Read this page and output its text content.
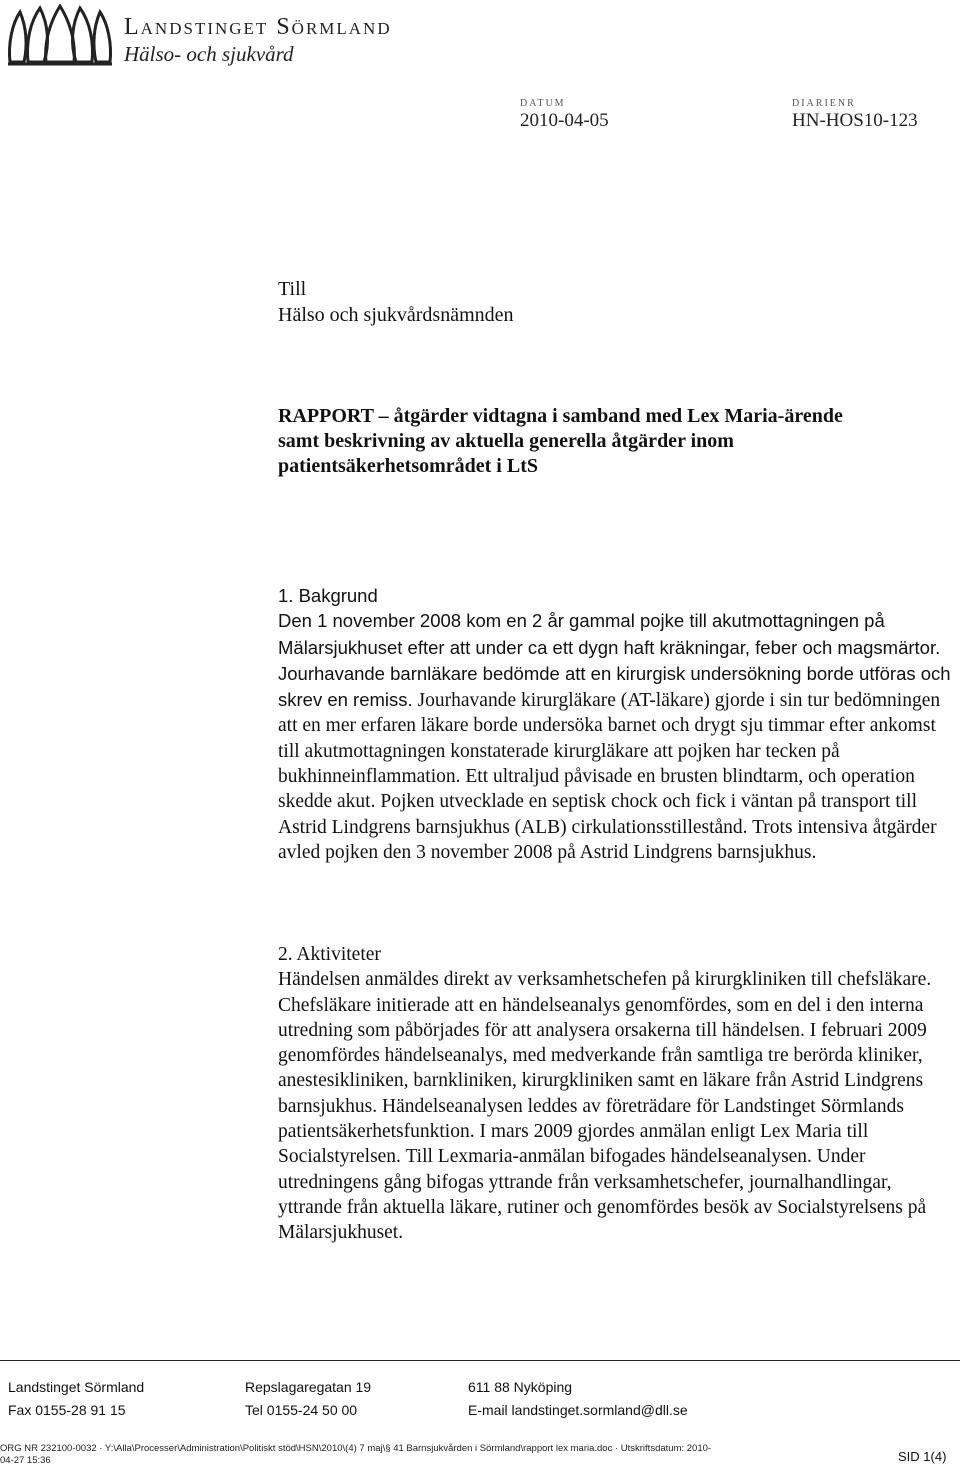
Landstinget Sörmland
Hälso- och sjukvård
DATUM
2010-04-05
DIARIENR
HN-HOS10-123
Till
Hälso och sjukvårdsnämnden
RAPPORT – åtgärder vidtagna i samband med Lex Maria-ärende
samt beskrivning av aktuella generella åtgärder inom
patientsäkerhetsområdet i LtS
1. Bakgrund
Den 1 november 2008 kom en 2 år gammal pojke till akutmottagningen på Mälarsjukhuset efter att under ca ett dygn haft kräkningar, feber och magsmärtor. Jourhavande barnläkare bedömde att en kirurgisk undersökning borde utföras och skrev en remiss. Jourhavande kirurgläkare (AT-läkare) gjorde i sin tur bedömningen att en mer erfaren läkare borde undersöka barnet och drygt sju timmar efter ankomst till akutmottagningen konstaterade kirurgläkare att pojken har tecken på bukhinneinflammation. Ett ultraljud påvisade en brusten blindtarm, och operation skedde akut. Pojken utvecklade en septisk chock och fick i väntan på transport till Astrid Lindgrens barnsjukhus (ALB) cirkulationsstillestånd. Trots intensiva åtgärder avled pojken den 3 november 2008 på Astrid Lindgrens barnsjukhus.
2. Aktiviteter
Händelsen anmäldes direkt av verksamhetschefen på kirurgkliniken till chefsläkare.
Chefsläkare initierade att en händelseanalys genomfördes, som en del i den interna utredning som påbörjades för att analysera orsakerna till händelsen. I februari 2009 genomfördes händelseanalys, med medverkande från samtliga tre berörda kliniker, anestesikliniken, barnkliniken, kirurgkliniken samt en läkare från Astrid Lindgrens barnsjukhus. Händelseanalysen leddes av företrädare för Landstinget Sörmlands patientsäkerhetsfunktion. I mars 2009 gjordes anmälan enligt Lex Maria till Socialstyrelsen. Till Lexmaria-anmälan bifogades händelseanalysen. Under utredningens gång bifogas yttrande från verksamhetschefer, journalhandlingar, yttrande från aktuella läkare, rutiner och genomfördes besök av Socialstyrelsens på Mälarsjukhuset.
Landstinget Sörmland	Repslagaregatan 19	611 88 Nyköping
Fax 0155-28 91 15	Tel 0155-24 50 00	E-mail landstinget.sormland@dll.se
ORG NR 232100-0032 · Y:\Alla\Processer\Administration\Politiskt stöd\HSN\2010\(4) 7 maj\§ 41 Barnsjukvården i Sörmland\rapport lex maria.doc · Utskriftsdatum: 2010-04-27 15:36	SID 1(4)
